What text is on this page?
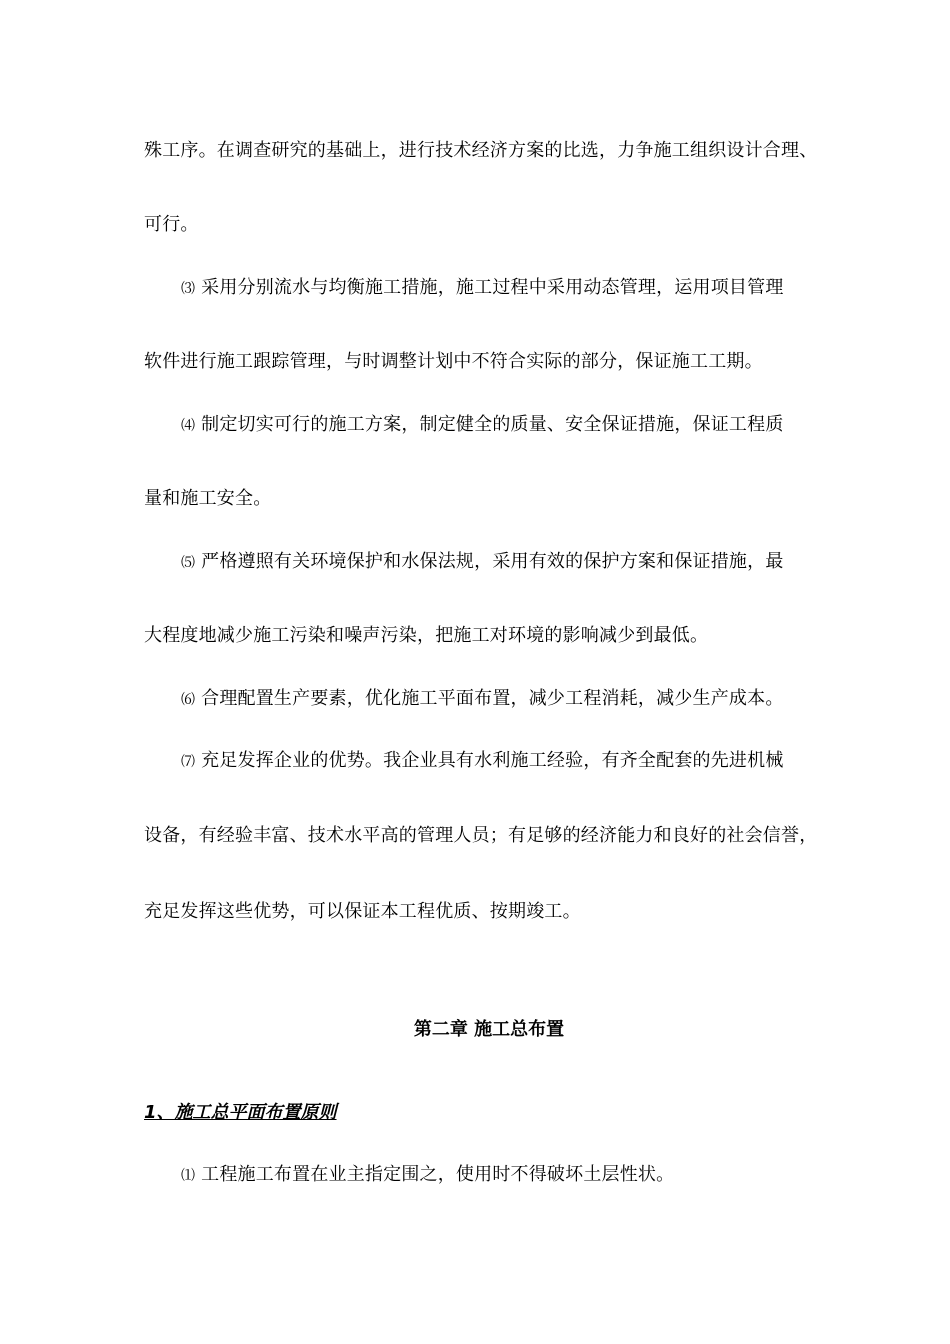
殊工序。在调查研究的基础上，进行技术经济方案的比选，力争施工组织设计合理、
可行。
⑶ 采用分别流水与均衡施工措施，施工过程中采用动态管理，运用项目管理
软件进行施工跟踪管理，与时调整计划中不符合实际的部分，保证施工工期。
⑷ 制定切实可行的施工方案，制定健全的质量、安全保证措施，保证工程质
量和施工安全。
⑸ 严格遵照有关环境保护和水保法规，采用有效的保护方案和保证措施，最
大程度地减少施工污染和噪声污染，把施工对环境的影响减少到最低。
⑹ 合理配置生产要素，优化施工平面布置，减少工程消耗，减少生产成本。
⑺ 充足发挥企业的优势。我企业具有水利施工经验，有齐全配套的先进机械
设备，有经验丰富、技术水平高的管理人员；有足够的经济能力和良好的社会信誉，
充足发挥这些优势，可以保证本工程优质、按期竣工。
第二章 施工总布置
1、施工总平面布置原则
⑴ 工程施工布置在业主指定围之，使用时不得破坏土层性状。
